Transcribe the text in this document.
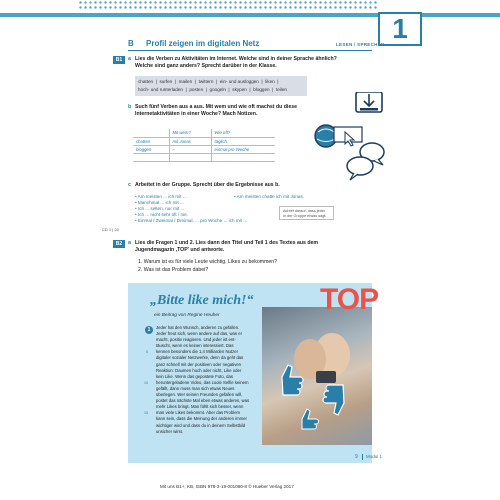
1
B Profil zeigen im digitalen Netz	LESEN / SPRECHEN
B1	a Lies die Verben zu Aktivitäten im Internet. Welche sind in deiner Sprache ähnlich?
Welche sind ganz anders? Sprecht darüber in der Klasse.
chatten ❘ surfen ❘ mailen ❘ twittern ❘ ein- und ausloggen ❘ liken ❘
hoch- und runterladen ❘ posten ❘ googeln ❘ skypen ❘ bloggen ❘ teilen
b Such fünf Verben aus a aus. Mit wem und wie oft machst du diese
Internetaktivitäten in einer Woche? Mach Notizen.
	Mit wem?	Wie oft?
chatten	mit Jonas	täglich
bloggen	–	einmal pro Woche

c Arbeitet in der Gruppe. Sprecht über die Ergebnisse aus b.
• Am meisten ... ich mit ...
• Manchmal ... ich mit ...
• Ich ... selten, nur mit ...
• Ich ... nicht sehr oft / nie.
• Einmal / Zweimal / Dreimal, ... pro Woche ... ich mit ...
• Am meisten chatte ich mit Jonas.
Achtet darauf, dass jeder
in der Gruppe etwas sagt.
CD 1 | 20
B2	a Lies die Fragen 1 und 2. Lies dann den Titel und Teil 1 des Textes aus dem
Jugendmagazin ,TOP' und antworte.
1. Warum ist es für viele Leute wichtig, Likes zu bekommen?
2. Was ist das Problem dabei?
TOP
„Bitte like mich!“
ein Beitrag von Regine Heuber
1	Jeder hat den Wunsch, anderen zu gefallen.
Jeder freut sich, wenn andere auf das, was er
macht, positiv reagieren. Und jeder ist ent-
täuscht, wenn es keinen interessiert. Das
kennen besonders die 1,4 Milliarden Nutzer
digitaler sozialer Netzwerke, denn da geht das
ganz schnell mit der positiven oder negativen
Reaktion: Daumen hoch oder nicht, Like oder
kein Like. Wenn das gepostete Foto, das
heruntergeladene Video, das coole Selfie keinem
gefällt, dann muss man sich etwas Neues
überlegen. Wer seinen Freunden gefallen will,
postet das nächste Mal eben etwas anderes, was
mehr Likes bringt. Man fühlt sich besser, wenn
man viele Likes bekommt. Aber das Problem
kann sein, dass die Meinung der anderen immer
wichtiger wird und dass du in deinem Selbstbild
unsicher wirst.
5
10
15
Mit uns B1+, KB, ISBN 978-3-19-001060-8 © Hueber Verlag 2017
9 Modul 1
